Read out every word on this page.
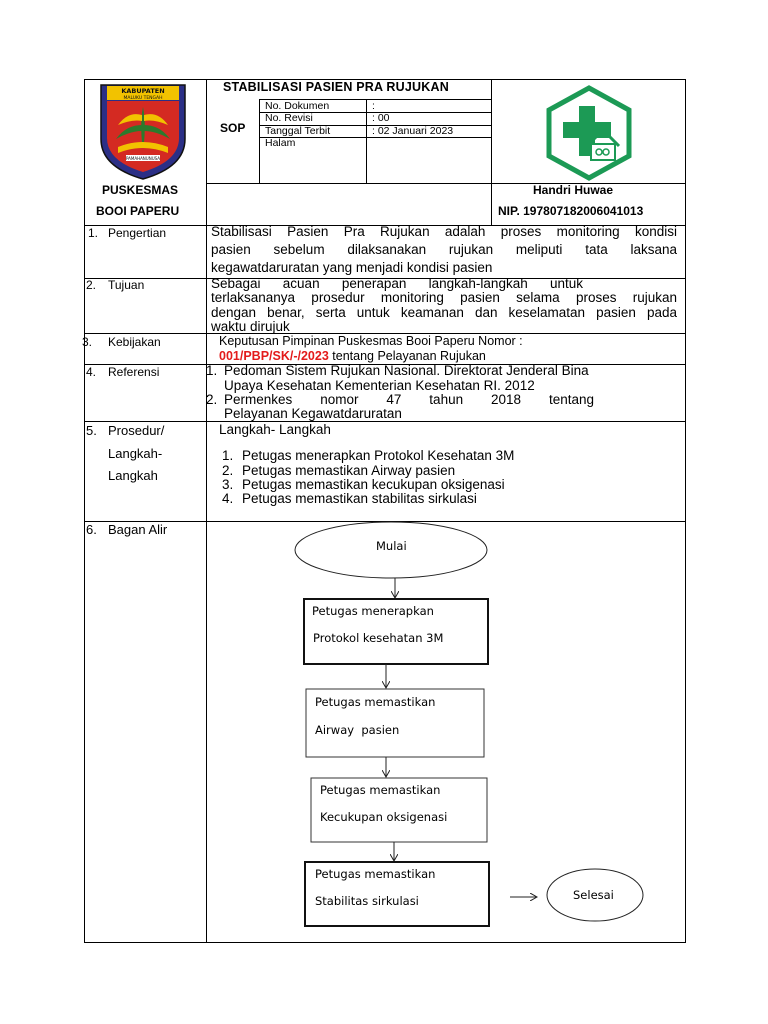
KABUPATEN
MALUKU TENGAH
PAMAHANUNUSA
STABILISASI PASIEN PRA RUJUKAN
SOP
No. Dokumen	:
No. Revisi	: 00
Tanggal Terbit	: 02 Januari 2023
Halam
PUSKESMAS
BOOI PAPERU
Handri Huwae
NIP. 197807182006041013
1. Pengertian	Stabilisasi Pasien Pra Rujukan adalah proses monitoring kondisi
pasien sebelum dilaksanakan rujukan meliputi tata laksana
kegawatdaruratan yang menjadi kondisi pasien
2. Tujuan	Sebagai acuan penerapan langkah-langkah untuk
terlaksananya prosedur monitoring pasien selama proses rujukan
dengan benar, serta untuk keamanan dan keselamatan pasien pada
waktu dirujuk
3. Kebijakan	Keputusan Pimpinan Puskesmas Booi Paperu Nomor :
001/PBP/SK/-/2023 tentang Pelayanan Rujukan
4. Referensi	1. Pedoman Sistem Rujukan Nasional. Direktorat Jenderal Bina
Upaya Kesehatan Kementerian Kesehatan RI. 2012
2. Permenkes nomor 47 tahun 2018 tentang
Pelayanan Kegawatdaruratan
5. Prosedur/
Langkah-
Langkah
Langkah- Langkah
1. Petugas menerapkan Protokol Kesehatan 3M
2. Petugas memastikan Airway pasien
3. Petugas memastikan kecukupan oksigenasi
4. Petugas memastikan stabilitas sirkulasi
6. Bagan Alir
Mulai
Petugas menerapkan
Protokol kesehatan 3M
Petugas memastikan
Airway  pasien
Petugas memastikan
Kecukupan oksigenasi
Petugas memastikan
Stabilitas sirkulasi	Selesai
